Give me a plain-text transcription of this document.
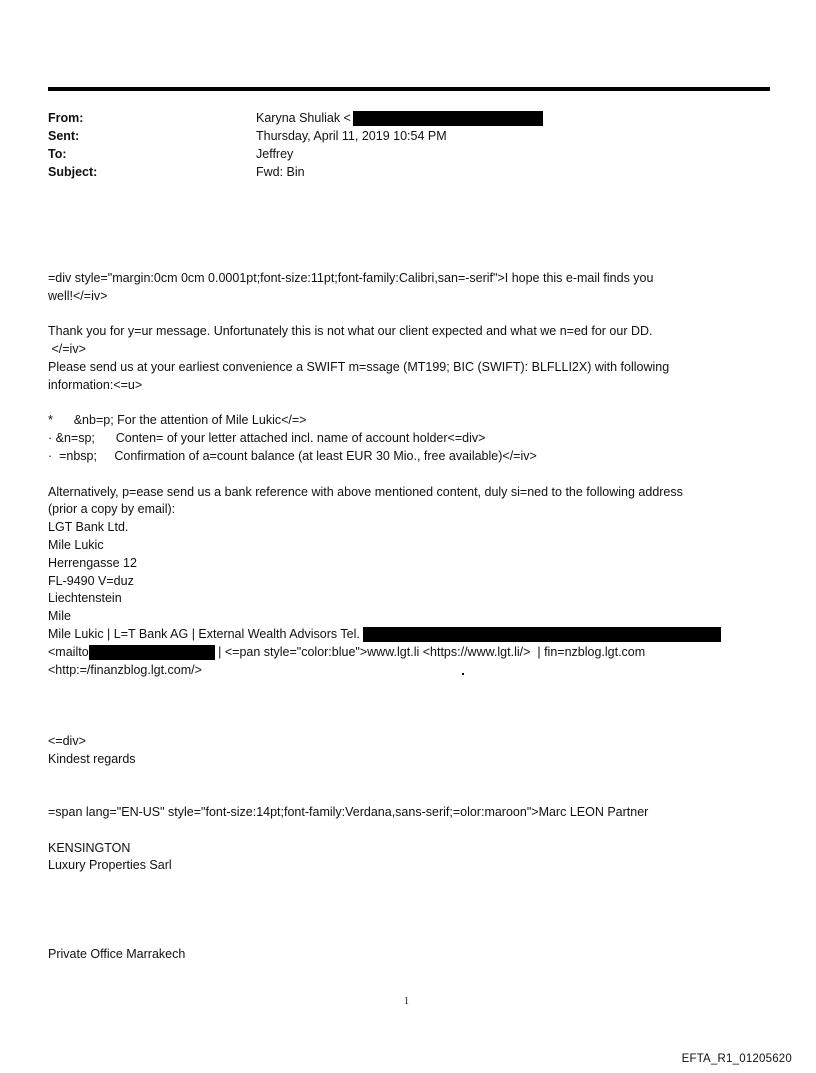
From:	Karyna Shuliak <
Sent:	Thursday, April 11, 2019 10:54 PM
To:	Jeffrey
Subject:	Fwd: Bin
=div style="margin:0cm 0cm 0.0001pt;font-size:11pt;font-family:Calibri,san=-serif">I hope this e-mail finds you
well!</=iv>
Thank you for y=ur message. Unfortunately this is not what our client expected and what we n=ed for our DD.
</=iv>
Please send us at your earliest convenience a SWIFT m=ssage (MT199; BIC (SWIFT): BLFLLI2X) with following
information:<=u>
*      &nb=p; For the attention of Mile Lukic</=>
· &n=sp;      Conten= of your letter attached incl. name of account holder<=div>
·  =nbsp;     Confirmation of a=count balance (at least EUR 30 Mio., free available)</=iv>
Alternatively, p=ease send us a bank reference with above mentioned content, duly si=ned to the following address
(prior a copy by email):
LGT Bank Ltd.
Mile Lukic
Herrengasse 12
FL-9490 V=duz
Liechtenstein
Mile
Mile Lukic | L=T Bank AG | External Wealth Advisors Tel.
<mailto	| <=pan style="color:blue">www.lgt.li <https://www.lgt.li/>  | fin=nzblog.lgt.com
<http:=/finanzblog.lgt.com/>
<=div>
Kindest regards
=span lang="EN-US" style="font-size:14pt;font-family:Verdana,sans-serif;=olor:maroon">Marc LEON Partner
KENSINGTON
Luxury Properties Sarl
Private Office Marrakech
1
EFTA_R1_01205620
